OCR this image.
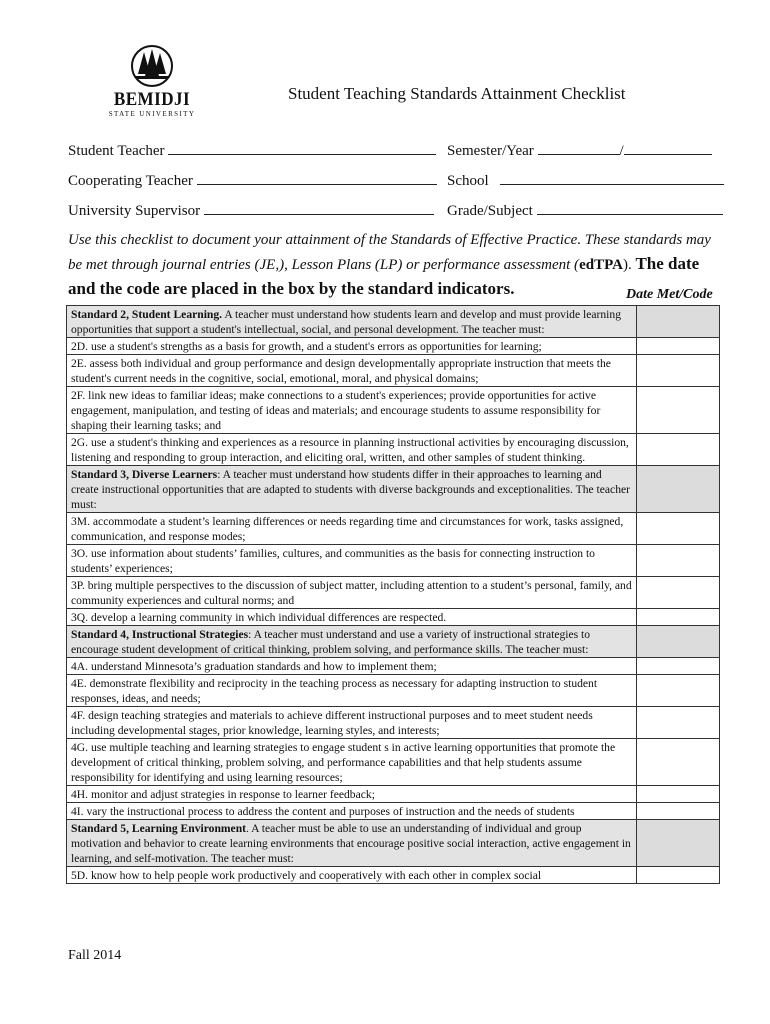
BEMIDJI
STATE UNIVERSITY
Student Teaching Standards Attainment Checklist
Student Teacher	Semester/Year	/
Cooperating Teacher	School
University Supervisor	Grade/Subject
Use this checklist to document your attainment of the Standards of Effective Practice. These standards may be met through journal entries (JE,), Lesson Plans (LP) or performance assessment (edTPA). The date and the code are placed in the box by the standard indicators.	Date Met/Code
Standard 2, Student Learning. A teacher must understand how students learn and develop and must provide learning opportunities that support a student's intellectual, social, and personal development. The teacher must:	
2D. use a student's strengths as a basis for growth, and a student's errors as opportunities for learning;	
2E. assess both individual and group performance and design developmentally appropriate instruction that meets the student's current needs in the cognitive, social, emotional, moral, and physical domains;	
2F. link new ideas to familiar ideas; make connections to a student's experiences; provide opportunities for active engagement, manipulation, and testing of ideas and materials; and encourage students to assume responsibility for shaping their learning tasks; and	
2G. use a student's thinking and experiences as a resource in planning instructional activities by encouraging discussion, listening and responding to group interaction, and eliciting oral, written, and other samples of student thinking.	
Standard 3, Diverse Learners: A teacher must understand how students differ in their approaches to learning and create instructional opportunities that are adapted to students with diverse backgrounds and exceptionalities. The teacher must:	
3M. accommodate a student’s learning differences or needs regarding time and circumstances for work, tasks assigned, communication, and response modes;	
3O. use information about students’ families, cultures, and communities as the basis for connecting instruction to students’ experiences;	
3P. bring multiple perspectives to the discussion of subject matter, including attention to a student’s personal, family, and community experiences and cultural norms; and	
3Q. develop a learning community in which individual differences are respected.	
Standard 4, Instructional Strategies: A teacher must understand and use a variety of instructional strategies to encourage student development of critical thinking, problem solving, and performance skills. The teacher must:	
4A. understand Minnesota’s graduation standards and how to implement them;	
4E. demonstrate flexibility and reciprocity in the teaching process as necessary for adapting instruction to student responses, ideas, and needs;	
4F. design teaching strategies and materials to achieve different instructional purposes and to meet student needs including developmental stages, prior knowledge, learning styles, and interests;	
4G. use multiple teaching and learning strategies to engage student s in active learning opportunities that promote the development of critical thinking, problem solving, and performance capabilities and that help students assume responsibility for identifying and using learning resources;	
4H. monitor and adjust strategies in response to learner feedback;	
4I. vary the instructional process to address the content and purposes of instruction and the needs of students	
Standard 5, Learning Environment. A teacher must be able to use an understanding of individual and group motivation and behavior to create learning environments that encourage positive social interaction, active engagement in learning, and self-motivation. The teacher must:	
5D. know how to help people work productively and cooperatively with each other in complex social	
Fall 2014
